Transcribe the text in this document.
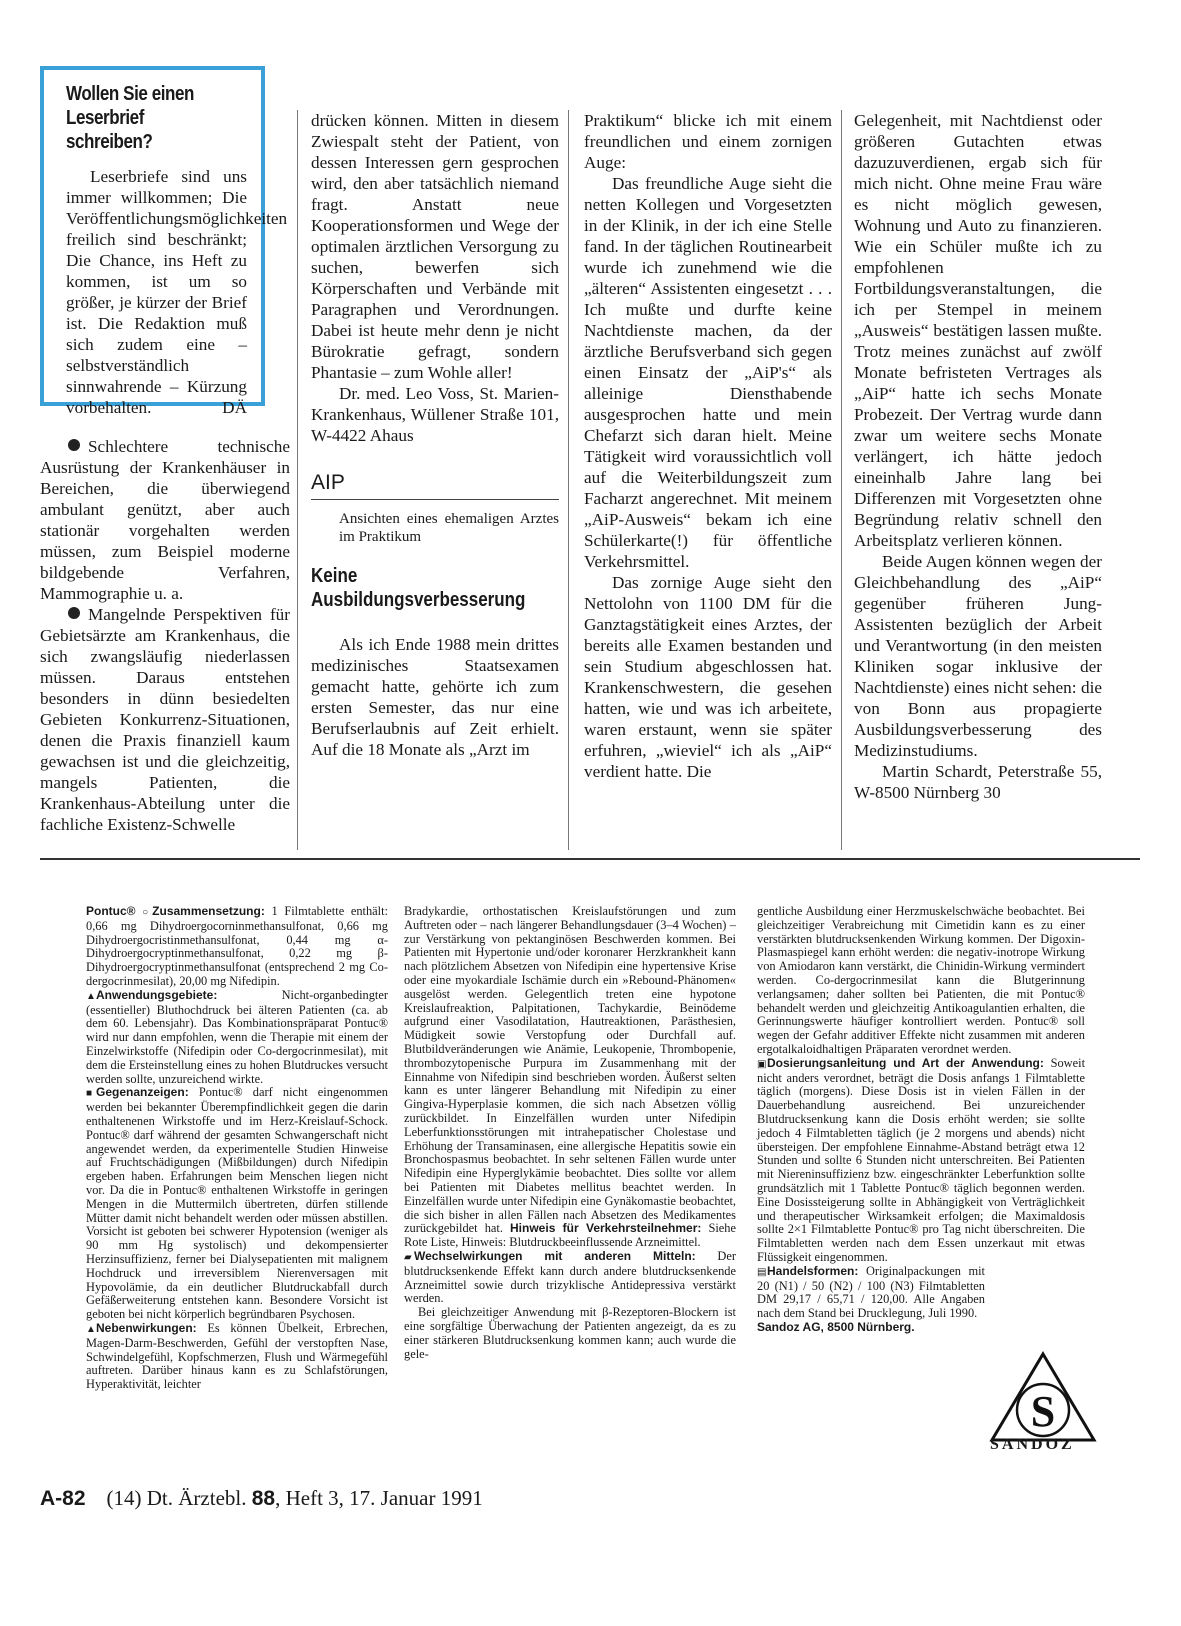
Wollen Sie einen Leserbrief schreiben?
Leserbriefe sind uns immer willkommen; Die Veröffentlichungsmöglichkeiten freilich sind beschränkt; Die Chance, ins Heft zu kommen, ist um so größer, je kürzer der Brief ist. Die Redaktion muß sich zudem eine – selbstverständlich sinnwahrende – Kürzung vorbehalten.	DÄ

Schlechtere technische Ausrüstung der Krankenhäuser in Bereichen, die überwiegend ambulant genützt, aber auch stationär vorgehalten werden müssen, zum Beispiel moderne bildgebende Verfahren, Mammographie u. a.

Mangelnde Perspektiven für Gebietsärzte am Krankenhaus, die sich zwangsläufig niederlassen müssen. Daraus entstehen besonders in dünn besiedelten Gebieten Konkurrenz-Situationen, denen die Praxis finanziell kaum gewachsen ist und die gleichzeitig, mangels Patienten, die Krankenhaus-Abteilung unter die fachliche Existenz-Schwelle

drücken können. Mitten in diesem Zwiespalt steht der Patient, von dessen Interessen gern gesprochen wird, den aber tatsächlich niemand fragt. Anstatt neue Kooperationsformen und Wege der optimalen ärztlichen Versorgung zu suchen, bewerfen sich Körperschaften und Verbände mit Paragraphen und Verordnungen. Dabei ist heute mehr denn je nicht Bürokratie gefragt, sondern Phantasie – zum Wohle aller!

Dr. med. Leo Voss, St. Marien-Krankenhaus, Wüllener Straße 101, W-4422 Ahaus

AIP
Ansichten eines ehemaligen Arztes im Praktikum
Keine Ausbildungsverbesserung

Als ich Ende 1988 mein drittes medizinisches Staatsexamen gemacht hatte, gehörte ich zum ersten Semester, das nur eine Berufserlaubnis auf Zeit erhielt. Auf die 18 Monate als „Arzt im

Praktikum“ blicke ich mit einem freundlichen und einem zornigen Auge:

Das freundliche Auge sieht die netten Kollegen und Vorgesetzten in der Klinik, in der ich eine Stelle fand. In der täglichen Routinearbeit wurde ich zunehmend wie die „älteren“ Assistenten eingesetzt . . . Ich mußte und durfte keine Nachtdienste machen, da der ärztliche Berufsverband sich gegen einen Einsatz der „AiP's“ als alleinige Diensthabende ausgesprochen hatte und mein Chefarzt sich daran hielt. Meine Tätigkeit wird voraussichtlich voll auf die Weiterbildungszeit zum Facharzt angerechnet. Mit meinem „AiP-Ausweis“ bekam ich eine Schülerkarte(!) für öffentliche Verkehrsmittel.

Das zornige Auge sieht den Nettolohn von 1100 DM für die Ganztagstätigkeit eines Arztes, der bereits alle Examen bestanden und sein Studium abgeschlossen hat. Krankenschwestern, die gesehen hatten, wie und was ich arbeitete, waren erstaunt, wenn sie später erfuhren, „wieviel“ ich als „AiP“ verdient hatte. Die

Gelegenheit, mit Nachtdienst oder größeren Gutachten etwas dazuzuverdienen, ergab sich für mich nicht. Ohne meine Frau wäre es nicht möglich gewesen, Wohnung und Auto zu finanzieren. Wie ein Schüler mußte ich zu empfohlenen Fortbildungsveranstaltungen, die ich per Stempel in meinem „Ausweis“ bestätigen lassen mußte. Trotz meines zunächst auf zwölf Monate befristeten Vertrages als „AiP“ hatte ich sechs Monate Probezeit. Der Vertrag wurde dann zwar um weitere sechs Monate verlängert, ich hätte jedoch eineinhalb Jahre lang bei Differenzen mit Vorgesetzten ohne Begründung relativ schnell den Arbeitsplatz verlieren können.

Beide Augen können wegen der Gleichbehandlung des „AiP“ gegenüber früheren Jung-Assistenten bezüglich der Arbeit und Verantwortung (in den meisten Kliniken sogar inklusive der Nachtdienste) eines nicht sehen: die von Bonn aus propagierte Ausbildungsverbesserung des Medizinstudiums.

Martin Schardt, Peterstraße 55, W-8500 Nürnberg 30

Pontuc® ○ Zusammensetzung: 1 Filmtablette enthält: 0,66 mg Dihydroergocorninmethansulfonat, 0,66 mg Dihydroergocristinmethansulfonat, 0,44 mg α-Dihydroergocryptinmethansulfonat, 0,22 mg β-Dihydroergocryptinmethansulfonat (entsprechend 2 mg Co-dergocrinmesilat), 20,00 mg Nifedipin.

▲Anwendungsgebiete:	Nicht-organbedingter (essentieller) Bluthochdruck bei älteren Patienten (ca. ab dem 60. Lebensjahr). Das Kombinationspräparat Pontuc® wird nur dann empfohlen, wenn die Therapie mit einem der Einzelwirkstoffe (Nifedipin oder Co-dergocrinmesilat), mit dem die Ersteinstellung eines zu hohen Blutdruckes versucht werden sollte, unzureichend wirkte.

■ Gegenanzeigen: Pontuc® darf nicht eingenommen werden bei bekannter Überempfindlichkeit gegen die darin enthaltenenen Wirkstoffe und im Herz-Kreislauf-Schock. Pontuc® darf während der gesamten Schwangerschaft nicht angewendet werden, da experimentelle Studien Hinweise auf Fruchtschädigungen (Mißbildungen) durch Nifedipin ergeben haben. Erfahrungen beim Menschen liegen nicht vor. Da die in Pontuc® enthaltenen Wirkstoffe in geringen Mengen in die Muttermilch übertreten, dürfen stillende Mütter damit nicht behandelt werden oder müssen abstillen. Vorsicht ist geboten bei schwerer Hypotension (weniger als 90 mm Hg systolisch) und dekompensierter Herzinsuffizienz, ferner bei Dialysepatienten mit malignem Hochdruck und irreversiblem Nierenversagen mit Hypovolämie, da ein deutlicher Blutdruckabfall durch Gefäßerweiterung entstehen kann. Besondere Vorsicht ist geboten bei nicht körperlich begründbaren Psychosen.

▲Nebenwirkungen: Es können Übelkeit, Erbrechen, Magen-Darm-Beschwerden, Gefühl der verstopften Nase, Schwindelgefühl, Kopfschmerzen, Flush und Wärmegefühl auftreten. Darüber hinaus kann es zu Schlafstörungen, Hyperaktivität, leichter

Bradykardie, orthostatischen Kreislaufstörungen und zum Auftreten oder – nach längerer Behandlungsdauer (3–4 Wochen) – zur Verstärkung von pektanginösen Beschwerden kommen. Bei Patienten mit Hypertonie und/oder koronarer Herzkrankheit kann nach plötzlichem Absetzen von Nifedipin eine hypertensive Krise oder eine myokardiale Ischämie durch ein »Rebound-Phänomen« ausgelöst werden. Gelegentlich treten eine hypotone Kreislaufreaktion, Palpitationen, Tachykardie, Beinödeme aufgrund einer Vasodilatation, Hautreaktionen, Parästhesien, Müdigkeit sowie Verstopfung oder Durchfall auf. Blutbildveränderungen wie Anämie, Leukopenie, Thrombopenie, thrombozytopenische Purpura im Zusammenhang mit der Einnahme von Nifedipin sind beschrieben worden. Äußerst selten kann es unter längerer Behandlung mit Nifedipin zu einer Gingiva-Hyperplasie kommen, die sich nach Absetzen völlig zurückbildet. In Einzelfällen wurden unter Nifedipin Leberfunktionsstörungen mit intrahepatischer Cholestase und Erhöhung der Transaminasen, eine allergische Hepatitis sowie ein Bronchospasmus beobachtet. In sehr seltenen Fällen wurde unter Nifedipin eine Hyperglykämie beobachtet. Dies sollte vor allem bei Patienten mit Diabetes mellitus beachtet werden. In Einzelfällen wurde unter Nifedipin eine Gynäkomastie beobachtet, die sich bisher in allen Fällen nach Absetzen des Medikamentes zurückgebildet hat. Hinweis für Verkehrsteilnehmer: Siehe Rote Liste, Hinweis: Blutdruckbeeinflussende Arzneimittel.

▰ Wechselwirkungen mit anderen Mitteln: Der blutdrucksenkende Effekt kann durch andere blutdrucksenkende Arzneimittel sowie durch trizyklische Antidepressiva verstärkt werden.

Bei gleichzeitiger Anwendung mit β-Rezeptoren-Blockern ist eine sorgfältige Überwachung der Patienten angezeigt, da es zu einer stärkeren Blutdrucksenkung kommen kann; auch wurde die gele-

gentliche Ausbildung einer Herzmuskelschwäche beobachtet. Bei gleichzeitiger Verabreichung mit Cimetidin kann es zu einer verstärkten blutdrucksenkenden Wirkung kommen. Der Digoxin-Plasmaspiegel kann erhöht werden: die negativ-inotrope Wirkung von Amiodaron kann verstärkt, die Chinidin-Wirkung vermindert werden. Co-dergocrinmesilat kann die Blutgerinnung verlangsamen; daher sollten bei Patienten, die mit Pontuc® behandelt werden und gleichzeitig Antikoagulantien erhalten, die Gerinnungswerte häufiger kontrolliert werden. Pontuc® soll wegen der Gefahr additiver Effekte nicht zusammen mit anderen ergotalkaloidhaltigen Präparaten verordnet werden.

▣Dosierungsanleitung und Art der Anwendung: Soweit nicht anders verordnet, beträgt die Dosis anfangs 1 Filmtablette täglich (morgens). Diese Dosis ist in vielen Fällen in der Dauerbehandlung ausreichend. Bei unzureichender Blutdrucksenkung kann die Dosis erhöht werden; sie sollte jedoch 4 Filmtabletten täglich (je 2 morgens und abends) nicht übersteigen. Der empfohlene Einnahme-Abstand beträgt etwa 12 Stunden und sollte 6 Stunden nicht unterschreiten. Bei Patienten mit Niereninsuffizienz bzw. eingeschränkter Leberfunktion sollte grundsätzlich mit 1 Tablette Pontuc® täglich begonnen werden. Eine Dosissteigerung sollte in Abhängigkeit von Verträglichkeit und therapeutischer Wirksamkeit erfolgen; die Maximaldosis sollte 2×1 Filmtablette Pontuc® pro Tag nicht überschreiten. Die Filmtabletten werden nach dem Essen unzerkaut mit etwas Flüssigkeit eingenommen.

▤Handelsformen: Originalpackungen mit 20 (N1) / 50 (N2) / 100 (N3) Filmtabletten DM 29,17 / 65,71 / 120,00. Alle Angaben nach dem Stand bei Drucklegung, Juli 1990.

Sandoz AG, 8500 Nürnberg.

S
SANDOZ
A-82 (14) Dt. Ärztebl. 88, Heft 3, 17. Januar 1991
